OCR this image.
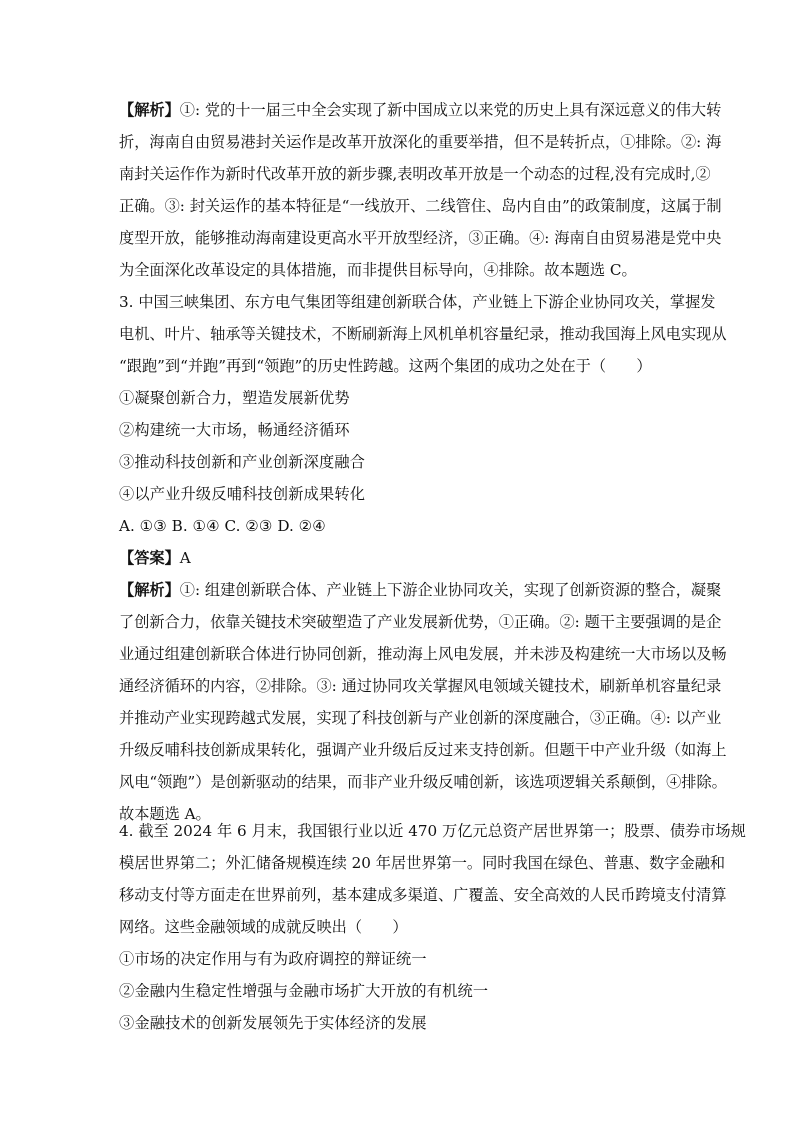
【解析】①: 党的十一届三中全会实现了新中国成立以来党的历史上具有深远意义的伟大转
折，海南自由贸易港封关运作是改革开放深化的重要举措，但不是转折点，①排除。②: 海
南封关运作作为新时代改革开放的新步骤,表明改革开放是一个动态的过程,没有完成时,②
正确。③: 封关运作的基本特征是“一线放开、二线管住、岛内自由”的政策制度，这属于制
度型开放，能够推动海南建设更高水平开放型经济，③正确。④: 海南自由贸易港是党中央
为全面深化改革设定的具体措施，而非提供目标导向，④排除。故本题选 C。
3. 中国三峡集团、东方电气集团等组建创新联合体，产业链上下游企业协同攻关，掌握发
电机、叶片、轴承等关键技术，不断刷新海上风机单机容量纪录，推动我国海上风电实现从
“跟跑”到“并跑”再到“领跑”的历史性跨越。这两个集团的成功之处在于（　　）
①凝聚创新合力，塑造发展新优势
②构建统一大市场，畅通经济循环
③推动科技创新和产业创新深度融合
④以产业升级反哺科技创新成果转化
A. ①③ B. ①④ C. ②③ D. ②④
【答案】A
【解析】①: 组建创新联合体、产业链上下游企业协同攻关，实现了创新资源的整合，凝聚
了创新合力，依靠关键技术突破塑造了产业发展新优势，①正确。②: 题干主要强调的是企
业通过组建创新联合体进行协同创新，推动海上风电发展，并未涉及构建统一大市场以及畅
通经济循环的内容，②排除。③: 通过协同攻关掌握风电领域关键技术，刷新单机容量纪录
并推动产业实现跨越式发展，实现了科技创新与产业创新的深度融合，③正确。④: 以产业
升级反哺科技创新成果转化，强调产业升级后反过来支持创新。但题干中产业升级（如海上
风电“领跑”）是创新驱动的结果，而非产业升级反哺创新，该选项逻辑关系颠倒，④排除。
故本题选 A。
4. 截至 2024 年 6 月末，我国银行业以近 470 万亿元总资产居世界第一；股票、债券市场规
模居世界第二；外汇储备规模连续 20 年居世界第一。同时我国在绿色、普惠、数字金融和
移动支付等方面走在世界前列，基本建成多渠道、广覆盖、安全高效的人民币跨境支付清算
网络。这些金融领域的成就反映出（　　）
①市场的决定作用与有为政府调控的辩证统一
②金融内生稳定性增强与金融市场扩大开放的有机统一
③金融技术的创新发展领先于实体经济的发展
